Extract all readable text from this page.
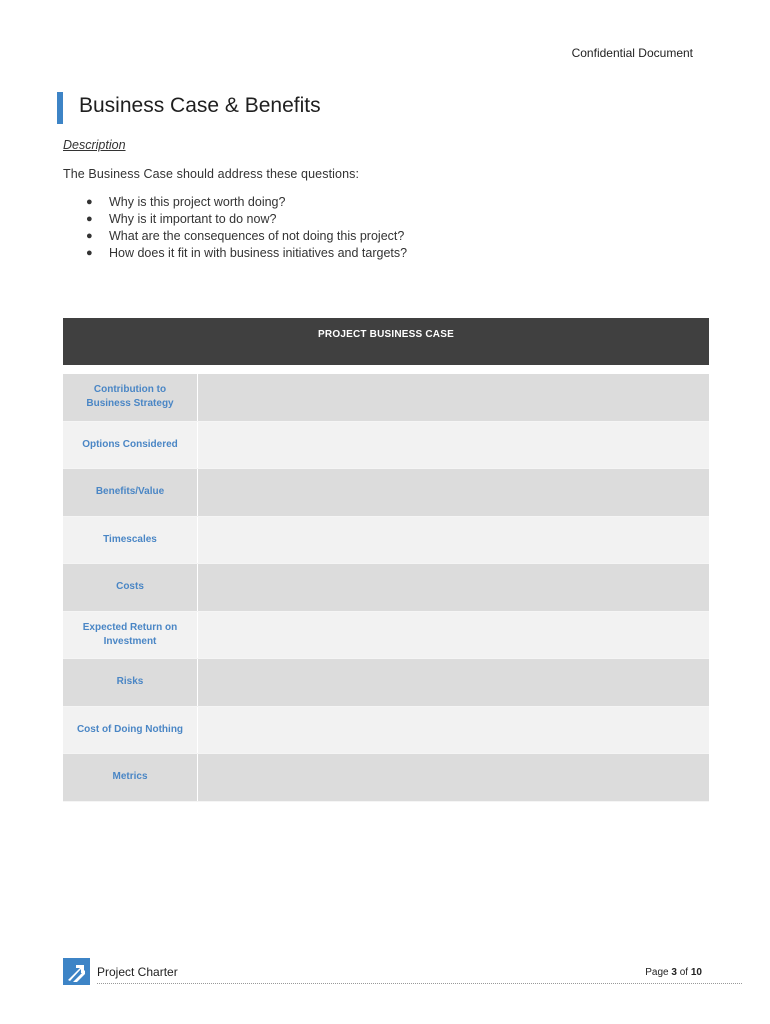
Confidential Document
Business Case & Benefits
Description
The Business Case should address these questions:
● Why is this project worth doing?
● Why is it important to do now?
● What are the consequences of not doing this project?
● How does it fit in with business initiatives and targets?
PROJECT BUSINESS CASE
Contribution to Business Strategy
Options Considered
Benefits/Value
Timescales
Costs
Expected Return on Investment
Risks
Cost of Doing Nothing
Metrics
Project Charter	Page 3 of 10
